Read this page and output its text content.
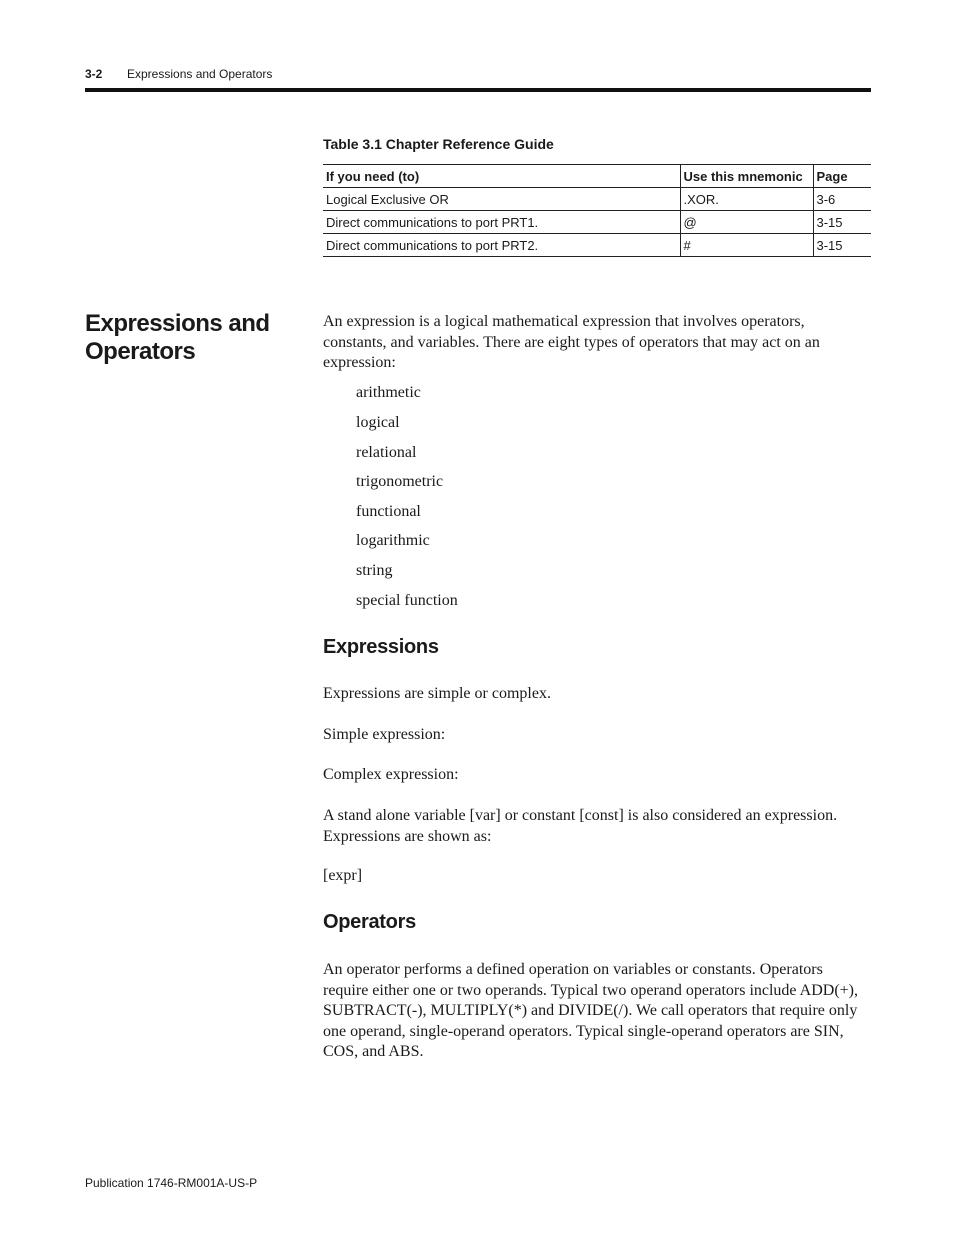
3-2 Expressions and Operators
Table 3.1 Chapter Reference Guide
If you need (to)	Use this mnemonic	Page
Logical Exclusive OR	.XOR.	3-6
Direct communications to port PRT1.	@	3-15
Direct communications to port PRT2.	#	3-15
Expressions and Operators

An expression is a logical mathematical expression that involves operators, constants, and variables. There are eight types of operators that may act on an expression:

arithmetic
logical
relational
trigonometric
functional
logarithmic
string
special function
Expressions

Expressions are simple or complex.

Simple expression:

Complex expression:

A stand alone variable [var] or constant [const] is also considered an expression. Expressions are shown as:

[expr]

Operators

An operator performs a defined operation on variables or constants. Operators require either one or two operands. Typical two operand operators include ADD(+), SUBTRACT(-), MULTIPLY(*) and DIVIDE(/). We call operators that require only one operand, single-operand operators. Typical single-operand operators are SIN, COS, and ABS.

Publication 1746-RM001A-US-P
